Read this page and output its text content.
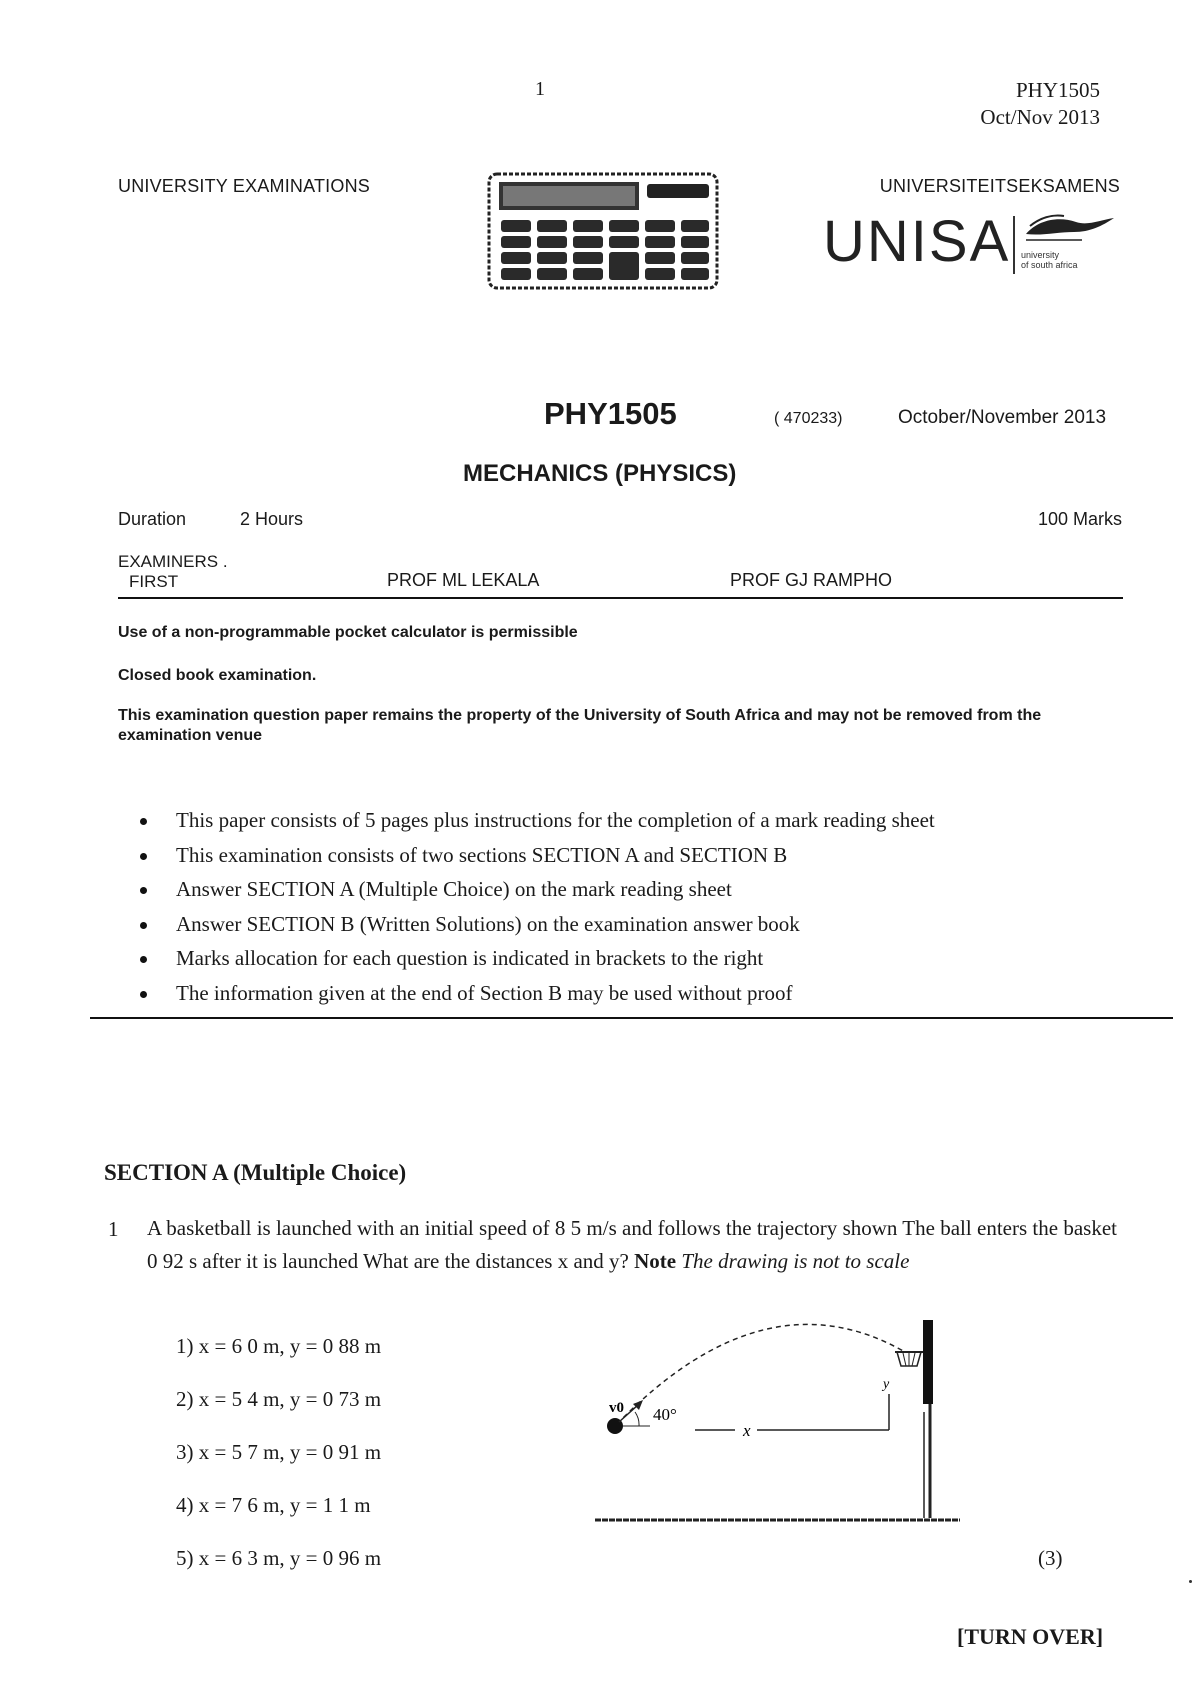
1	PHY1505
Oct/Nov 2013
UNIVERSITY EXAMINATIONS	UNIVERSITEITSEKSAMENS
UNISA university
of south africa
PHY1505	( 470233)	October/November 2013
MECHANICS (PHYSICS)
Duration	2 Hours	100 Marks
EXAMINERS .
FIRST	PROF ML LEKALA	PROF GJ RAMPHO
Use of a non-programmable pocket calculator is permissible
Closed book examination.
This examination question paper remains the property of the University of South Africa and may not be removed from the examination venue
This paper consists of 5 pages plus instructions for the completion of a mark reading sheet
This examination consists of two sections SECTION A and SECTION B
Answer SECTION A (Multiple Choice) on the mark reading sheet
Answer SECTION B (Written Solutions) on the examination answer book
Marks allocation for each question is indicated in brackets to the right
The information given at the end of Section B may be used without proof
SECTION A (Multiple Choice)
1 A basketball is launched with an initial speed of 8 5 m/s and follows the trajectory shown The ball enters the basket 0 92 s after it is launched What are the distances x and y? Note The drawing is not to scale
1) x = 6 0 m, y = 0 88 m
2) x = 5 4 m, y = 0 73 m
3) x = 5 7 m, y = 0 91 m
4) x = 7 6 m, y = 1 1 m
5) x = 6 3 m, y = 0 96 m
v0 40°
x
y
(3)
[TURN OVER]
